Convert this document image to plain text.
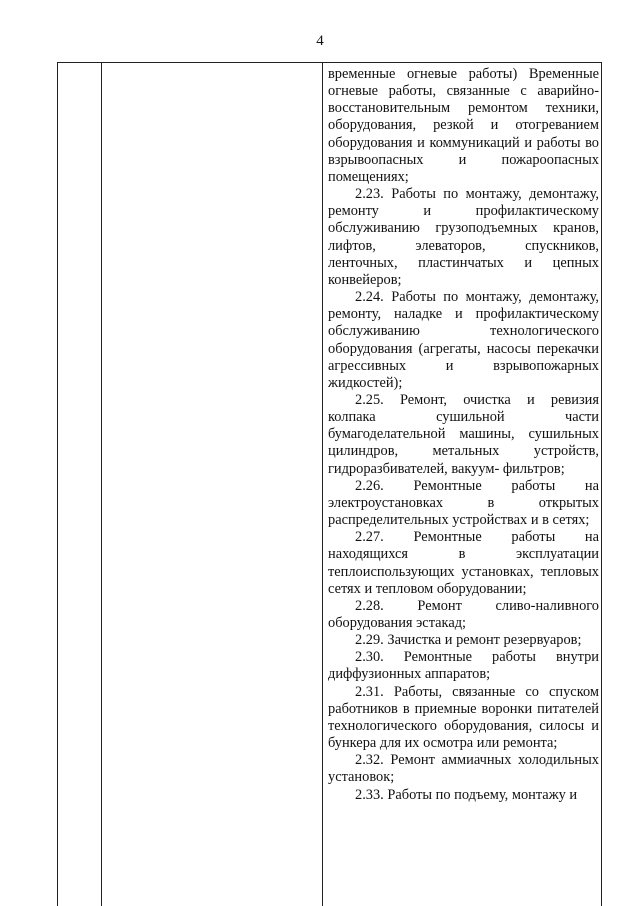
4

временные огневые работы) Временные огневые работы, связанные с аварийно-восстановительным ремонтом техники, оборудования, резкой и отогреванием оборудования и коммуникаций и работы во взрывоопасных и пожароопасных помещениях;

2.23. Работы по монтажу, демонтажу, ремонту и профилактическому обслуживанию грузоподъемных кранов, лифтов, элеваторов, спускников, ленточных, пластинчатых и цепных конвейеров;

2.24. Работы по монтажу, демонтажу, ремонту, наладке и профилактическому обслуживанию технологического оборудования (агрегаты, насосы перекачки агрессивных и взрывопожарных жидкостей);

2.25. Ремонт, очистка и ревизия колпака сушильной части бумагоделательной машины, сушильных цилиндров, метальных устройств, гидроразбивателей, вакуум- фильтров;

2.26. Ремонтные работы на электроустановках в открытых распределительных устройствах и в сетях;

2.27. Ремонтные работы на находящихся в эксплуатации теплоиспользующих установках, тепловых сетях и тепловом оборудовании;

2.28. Ремонт сливо-наливного оборудования эстакад;

2.29. Зачистка и ремонт резервуаров;

2.30. Ремонтные работы внутри диффузионных аппаратов;

2.31. Работы, связанные со спуском работников в приемные воронки питателей технологического оборудования, силосы и бункера для их осмотра или ремонта;

2.32. Ремонт аммиачных холодильных установок;

2.33. Работы по подъему, монтажу и
